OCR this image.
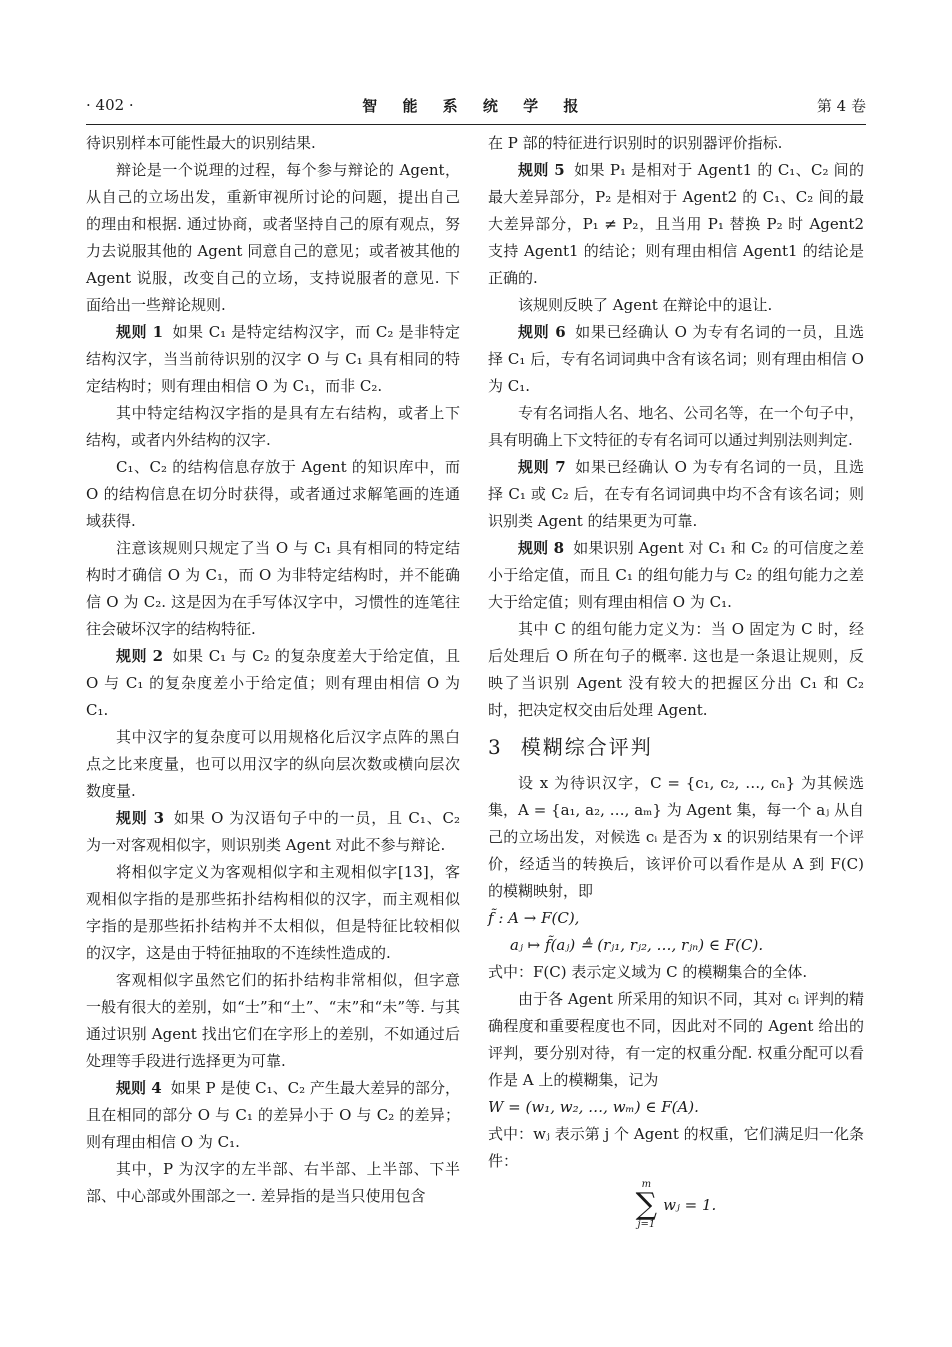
· 402 ·	智 能 系 统 学 报	第 4 卷

待识别样本可能性最大的识别结果.

辩论是一个说理的过程，每个参与辩论的 Agent，从自己的立场出发，重新审视所讨论的问题，提出自己的理由和根据. 通过协商，或者坚持自己的原有观点，努力去说服其他的 Agent 同意自己的意见；或者被其他的 Agent 说服，改变自己的立场，支持说服者的意见. 下面给出一些辩论规则.

规则 1 如果 C₁ 是特定结构汉字，而 C₂ 是非特定结构汉字，当当前待识别的汉字 O 与 C₁ 具有相同的特定结构时；则有理由相信 O 为 C₁，而非 C₂.

其中特定结构汉字指的是具有左右结构，或者上下结构，或者内外结构的汉字.

C₁、C₂ 的结构信息存放于 Agent 的知识库中，而 O 的结构信息在切分时获得，或者通过求解笔画的连通域获得.

注意该规则只规定了当 O 与 C₁ 具有相同的特定结构时才确信 O 为 C₁，而 O 为非特定结构时，并不能确信 O 为 C₂. 这是因为在手写体汉字中，习惯性的连笔往往会破坏汉字的结构特征.

规则 2 如果 C₁ 与 C₂ 的复杂度差大于给定值，且 O 与 C₁ 的复杂度差小于给定值；则有理由相信 O 为 C₁.

其中汉字的复杂度可以用规格化后汉字点阵的黑白点之比来度量，也可以用汉字的纵向层次数或横向层次数度量.

规则 3 如果 O 为汉语句子中的一员，且 C₁、C₂ 为一对客观相似字，则识别类 Agent 对此不参与辩论.

将相似字定义为客观相似字和主观相似字[13]，客观相似字指的是那些拓扑结构相似的汉字，而主观相似字指的是那些拓扑结构并不太相似，但是特征比较相似的汉字，这是由于特征抽取的不连续性造成的.

客观相似字虽然它们的拓扑结构非常相似，但字意一般有很大的差别，如“士”和“土”、“末”和“未”等. 与其通过识别 Agent 找出它们在字形上的差别，不如通过后处理等手段进行选择更为可靠.

规则 4 如果 P 是使 C₁、C₂ 产生最大差异的部分，且在相同的部分 O 与 C₁ 的差异小于 O 与 C₂ 的差异；则有理由相信 O 为 C₁.

其中，P 为汉字的左半部、右半部、上半部、下半部、中心部或外围部之一. 差异指的是当只使用包含

在 P 部的特征进行识别时的识别器评价指标.

规则 5 如果 P₁ 是相对于 Agent1 的 C₁、C₂ 间的最大差异部分，P₂ 是相对于 Agent2 的 C₁、C₂ 间的最大差异部分，P₁ ≠ P₂，且当用 P₁ 替换 P₂ 时 Agent2 支持 Agent1 的结论；则有理由相信 Agent1 的结论是正确的.

该规则反映了 Agent 在辩论中的退让.

规则 6 如果已经确认 O 为专有名词的一员，且选择 C₁ 后，专有名词词典中含有该名词；则有理由相信 O 为 C₁.

专有名词指人名、地名、公司名等，在一个句子中，具有明确上下文特征的专有名词可以通过判别法则判定.

规则 7 如果已经确认 O 为专有名词的一员，且选择 C₁ 或 C₂ 后，在专有名词词典中均不含有该名词；则识别类 Agent 的结果更为可靠.

规则 8 如果识别 Agent 对 C₁ 和 C₂ 的可信度之差小于给定值，而且 C₁ 的组句能力与 C₂ 的组句能力之差大于给定值；则有理由相信 O 为 C₁.

其中 C 的组句能力定义为：当 O 固定为 C 时，经后处理后 O 所在句子的概率. 这也是一条退让规则，反映了当识别 Agent 没有较大的把握区分出 C₁ 和 C₂ 时，把决定权交由后处理 Agent.

3 模糊综合评判

设 x 为待识汉字，C = {c₁, c₂, …, cₙ} 为其候选集，A = {a₁, a₂, …, aₘ} 为 Agent 集，每一个 aⱼ 从自己的立场出发，对候选 cᵢ 是否为 x 的识别结果有一个评价，经适当的转换后，该评价可以看作是从 A 到 F(C) 的模糊映射，即

f̃ : A → F(C),

aⱼ ↦ f̃(aⱼ) ≜ (rⱼ₁, rⱼ₂, …, rⱼₙ) ∈ F(C).

式中：F(C) 表示定义域为 C 的模糊集合的全体.

由于各 Agent 所采用的知识不同，其对 cᵢ 评判的精确程度和重要程度也不同，因此对不同的 Agent 给出的评判，要分别对待，有一定的权重分配. 权重分配可以看作是 A 上的模糊集，记为

W = (w₁, w₂, …, wₘ) ∈ F(A).

式中：wⱼ 表示第 j 个 Agent 的权重，它们满足归一化条件：

m
∑
j=1
wⱼ = 1.
